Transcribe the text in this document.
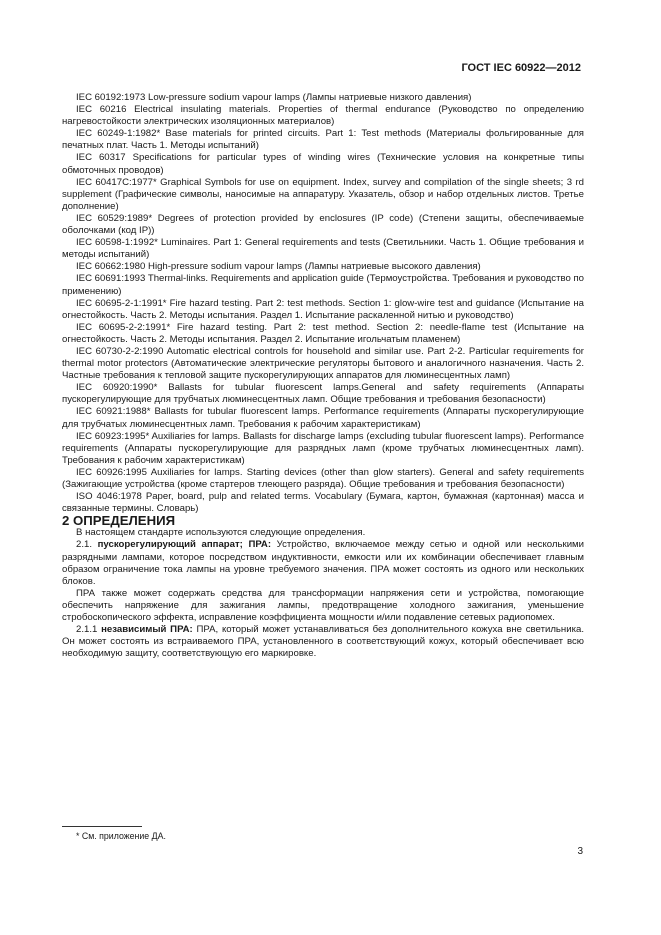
ГОСТ IEC 60922—2012

IEC 60192:1973 Low-pressure sodium vapour lamps (Лампы натриевые низкого давления)

IEC 60216 Electrical insulating materials. Properties of thermal endurance (Руководство по определению нагревостойкости электрических изоляционных материалов)

IEC 60249-1:1982* Base materials for printed circuits. Part 1: Test methods (Материалы фольгированные для печатных плат. Часть 1. Методы испытаний)

IEC 60317 Specifications for particular types of winding wires (Технические условия на конкретные типы обмоточных проводов)

IEC 60417C:1977* Graphical Symbols for use on equipment. Index, survey and compilation of the single sheets; 3 rd supplement (Графические символы, наносимые на аппаратуру. Указатель, обзор и набор отдельных листов. Третье дополнение)

IEC 60529:1989* Degrees of protection provided by enclosures (IP code) (Степени защиты, обеспечиваемые оболочками (код IP))

IEC 60598-1:1992* Luminaires. Part 1: General requirements and tests (Светильники. Часть 1. Общие требования и методы испытаний)

IEC 60662:1980 High-pressure sodium vapour lamps (Лампы натриевые высокого давления)

IEC 60691:1993 Thermal-links. Requirements and application guide (Термоустройства. Требования и руководство по применению)

IEC 60695-2-1:1991* Fire hazard testing. Part 2: test methods. Section 1: glow-wire test and guidance (Испытание на огнестойкость. Часть 2. Методы испытания. Раздел 1. Испытание раскаленной нитью и руководство)

IEC 60695-2-2:1991* Fire hazard testing. Part 2: test method. Section 2: needle-flame test (Испытание на огнестойкость. Часть 2. Методы испытания. Раздел 2. Испытание игольчатым пламенем)

IEC 60730-2-2:1990 Automatic electrical controls for household and similar use. Part 2-2. Particular requirements for thermal motor protectors (Автоматические электрические регуляторы бытового и аналогичного назначения. Часть 2. Частные требования к тепловой защите пускорегулирующих аппаратов для люминесцентных ламп)

IEC 60920:1990* Ballasts for tubular fluorescent lamps.General and safety requirements (Аппараты пускорегулирующие для трубчатых люминесцентных ламп. Общие требования и требования безопасности)

IEC 60921:1988* Ballasts for tubular fluorescent lamps. Performance requirements (Аппараты пускорегулирующие для трубчатых люминесцентных ламп. Требования к рабочим характеристикам)

IEC 60923:1995* Auxiliaries for lamps. Ballasts for discharge lamps (excluding tubular fluorescent lamps). Performance requirements (Аппараты пускорегулирующие для разрядных ламп (кроме трубчатых люминесцентных ламп). Требования к рабочим характеристикам)

IEC 60926:1995 Auxiliaries for lamps. Starting devices (other than glow starters). General and safety requirements (Зажигающие устройства (кроме стартеров тлеющего разряда). Общие требования и требования безопасности)

ISO 4046:1978 Paper, board, pulp and related terms. Vocabulary (Бумага, картон, бумажная (картонная) масса и связанные термины. Словарь)

2 ОПРЕДЕЛЕНИЯ

В настоящем стандарте используются следующие определения.

2.1. пускорегулирующий аппарат; ПРА: Устройство, включаемое между сетью и одной или несколькими разрядными лампами, которое посредством индуктивности, емкости или их комбинации обеспечивает главным образом ограничение тока лампы на уровне требуемого значения. ПРА может состоять из одного или нескольких блоков.

ПРА также может содержать средства для трансформации напряжения сети и устройства, помогающие обеспечить напряжение для зажигания лампы, предотвращение холодного зажигания, уменьшение стробоскопического эффекта, исправление коэффициента мощности и/или подавление сетевых радиопомех.

2.1.1 независимый ПРА: ПРА, который может устанавливаться без дополнительного кожуха вне светильника. Он может состоять из встраиваемого ПРА, установленного в соответствующий кожух, который обеспечивает всю необходимую защиту, соответствующую его маркировке.

* См. приложение ДА.
3
